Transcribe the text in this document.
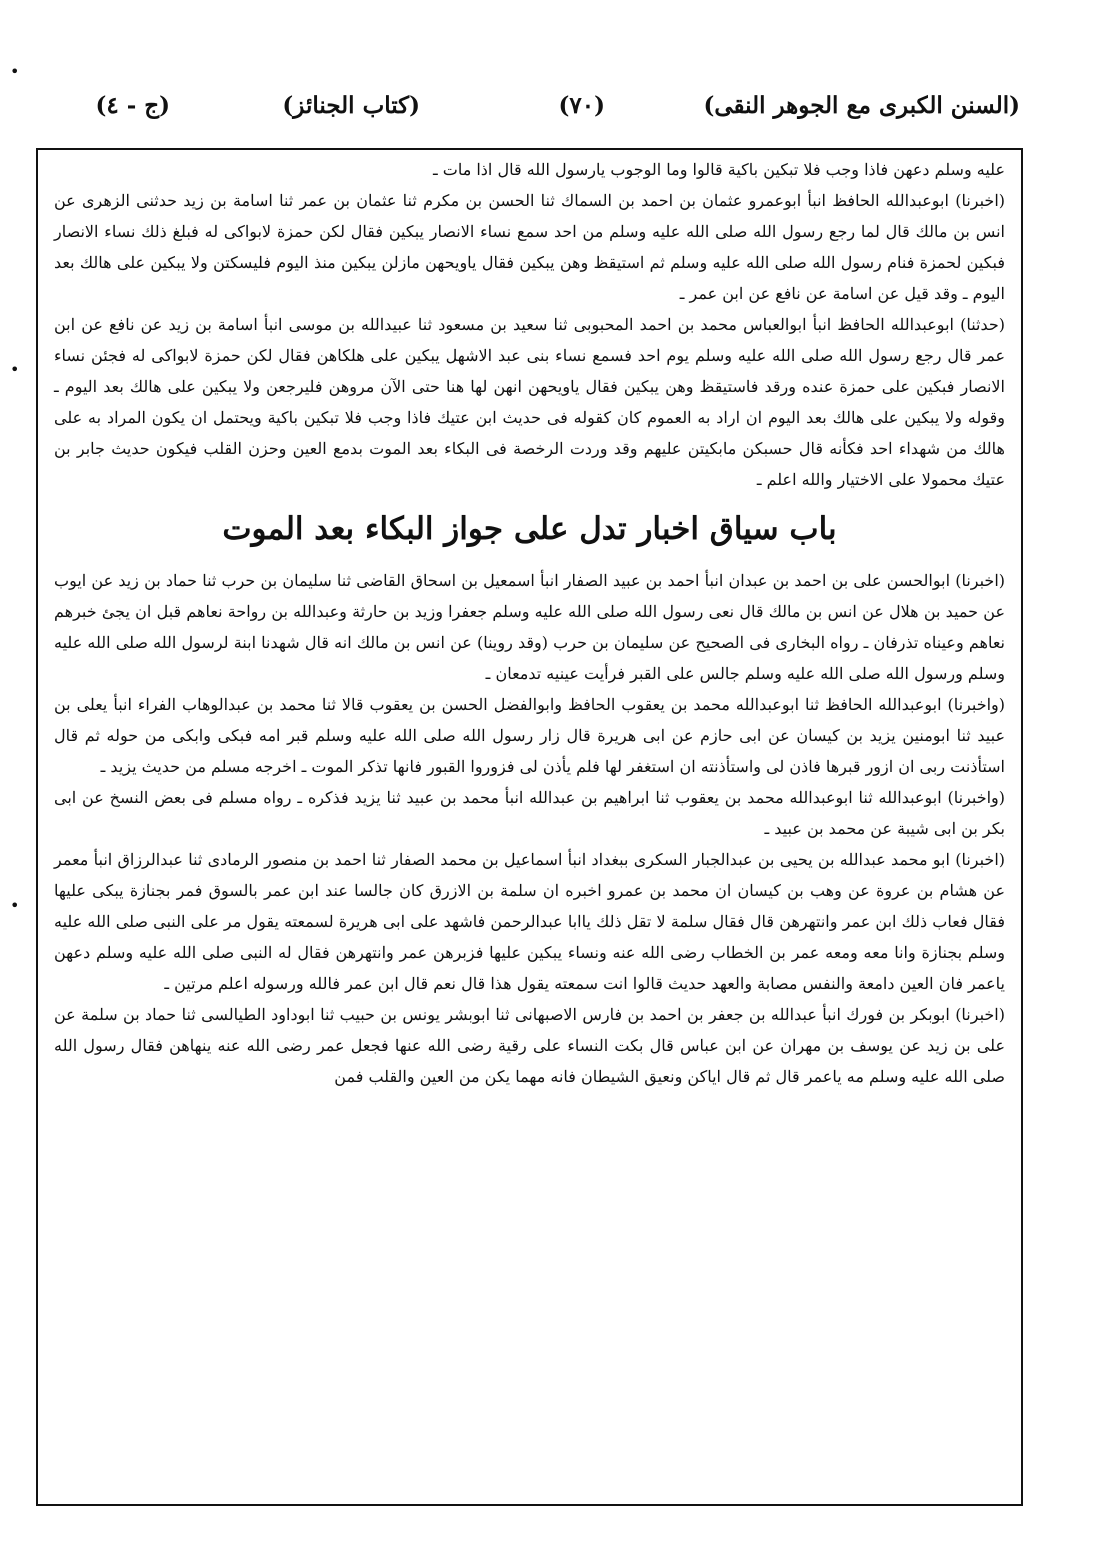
•
•
•
(السنن الكبرى مع الجوهر النقى)
(٧٠)
(كتاب الجنائز)
(ج - ٤)

عليه وسلم دعهن فاذا وجب فلا تبكين باكية قالوا وما الوجوب يارسول الله قال اذا مات ـ

(اخبرنا) ابوعبدالله الحافظ انبأ ابوعمرو عثمان بن احمد بن السماك ثنا الحسن بن مكرم ثنا عثمان بن عمر ثنا اسامة بن زيد حدثنى الزهرى عن انس بن مالك قال لما رجع رسول الله صلى الله عليه وسلم من احد سمع نساء الانصار يبكين فقال لكن حمزة لابواكى له فبلغ ذلك نساء الانصار فبكين لحمزة فنام رسول الله صلى الله عليه وسلم ثم استيقظ وهن يبكين فقال ياويحهن مازلن يبكين منذ اليوم فليسكتن ولا يبكين على هالك بعد اليوم ـ وقد قيل عن اسامة عن نافع عن ابن عمر ـ

(حدثنا) ابوعبدالله الحافظ انبأ ابوالعباس محمد بن احمد المحبوبى ثنا سعيد بن مسعود ثنا عبيدالله بن موسى انبأ اسامة بن زيد عن نافع عن ابن عمر قال رجع رسول الله صلى الله عليه وسلم يوم احد فسمع نساء بنى عبد الاشهل يبكين على هلكاهن فقال لكن حمزة لابواكى له فجئن نساء الانصار فبكين على حمزة عنده ورقد فاستيقظ وهن يبكين فقال ياويحهن انهن لها هنا حتى الآن مروهن فليرجعن ولا يبكين على هالك بعد اليوم ـ وقوله ولا يبكين على هالك بعد اليوم ان اراد به العموم كان كقوله فى حديث ابن عتيك فاذا وجب فلا تبكين باكية ويحتمل ان يكون المراد به على هالك من شهداء احد فكأنه قال حسبكن مابكيتن عليهم وقد وردت الرخصة فى البكاء بعد الموت بدمع العين وحزن القلب فيكون حديث جابر بن عتيك محمولا على الاختيار والله اعلم ـ

باب سياق اخبار تدل على جواز البكاء بعد الموت

(اخبرنا) ابوالحسن على بن احمد بن عبدان انبأ احمد بن عبيد الصفار انبأ اسمعيل بن اسحاق القاضى ثنا سليمان بن حرب ثنا حماد بن زيد عن ايوب عن حميد بن هلال عن انس بن مالك قال نعى رسول الله صلى الله عليه وسلم جعفرا وزيد بن حارثة وعبدالله بن رواحة نعاهم قبل ان يجئ خبرهم نعاهم وعيناه تذرفان ـ رواه البخارى فى الصحيح عن سليمان بن حرب (وقد روينا) عن انس بن مالك انه قال شهدنا ابنة لرسول الله صلى الله عليه وسلم ورسول الله صلى الله عليه وسلم جالس على القبر فرأيت عينيه تدمعان ـ

(واخبرنا) ابوعبدالله الحافظ ثنا ابوعبدالله محمد بن يعقوب الحافظ وابوالفضل الحسن بن يعقوب قالا ثنا محمد بن عبدالوهاب الفراء انبأ يعلى بن عبيد ثنا ابومنين يزيد بن كيسان عن ابى حازم عن ابى هريرة قال زار رسول الله صلى الله عليه وسلم قبر امه فبكى وابكى من حوله ثم قال استأذنت ربى ان ازور قبرها فاذن لى واستأذنته ان استغفر لها فلم يأذن لى فزوروا القبور فانها تذكر الموت ـ اخرجه مسلم من حديث يزيد ـ

(واخبرنا) ابوعبدالله ثنا ابوعبدالله محمد بن يعقوب ثنا ابراهيم بن عبدالله انبأ محمد بن عبيد ثنا يزيد فذكره ـ رواه مسلم فى بعض النسخ عن ابى بكر بن ابى شيبة عن محمد بن عبيد ـ

(اخبرنا) ابو محمد عبدالله بن يحيى بن عبدالجبار السكرى ببغداد انبأ اسماعيل بن محمد الصفار ثنا احمد بن منصور الرمادى ثنا عبدالرزاق انبأ معمر عن هشام بن عروة عن وهب بن كيسان ان محمد بن عمرو اخبره ان سلمة بن الازرق كان جالسا عند ابن عمر بالسوق فمر بجنازة يبكى عليها فقال فعاب ذلك ابن عمر وانتهرهن قال فقال سلمة لا تقل ذلك ياابا عبدالرحمن فاشهد على ابى هريرة لسمعته يقول مر على النبى صلى الله عليه وسلم بجنازة وانا معه ومعه عمر بن الخطاب رضى الله عنه ونساء يبكين عليها فزبرهن عمر وانتهرهن فقال له النبى صلى الله عليه وسلم دعهن ياعمر فان العين دامعة والنفس مصابة والعهد حديث قالوا انت سمعته يقول هذا قال نعم قال ابن عمر فالله ورسوله اعلم مرتين ـ

(اخبرنا) ابوبكر بن فورك انبأ عبدالله بن جعفر بن احمد بن فارس الاصبهانى ثنا ابوبشر يونس بن حبيب ثنا ابوداود الطيالسى ثنا حماد بن سلمة عن على بن زيد عن يوسف بن مهران عن ابن عباس قال بكت النساء على رقية رضى الله عنها فجعل عمر رضى الله عنه ينهاهن فقال رسول الله صلى الله عليه وسلم مه ياعمر قال ثم قال اياكن ونعيق الشيطان فانه مهما يكن من العين والقلب فمن
